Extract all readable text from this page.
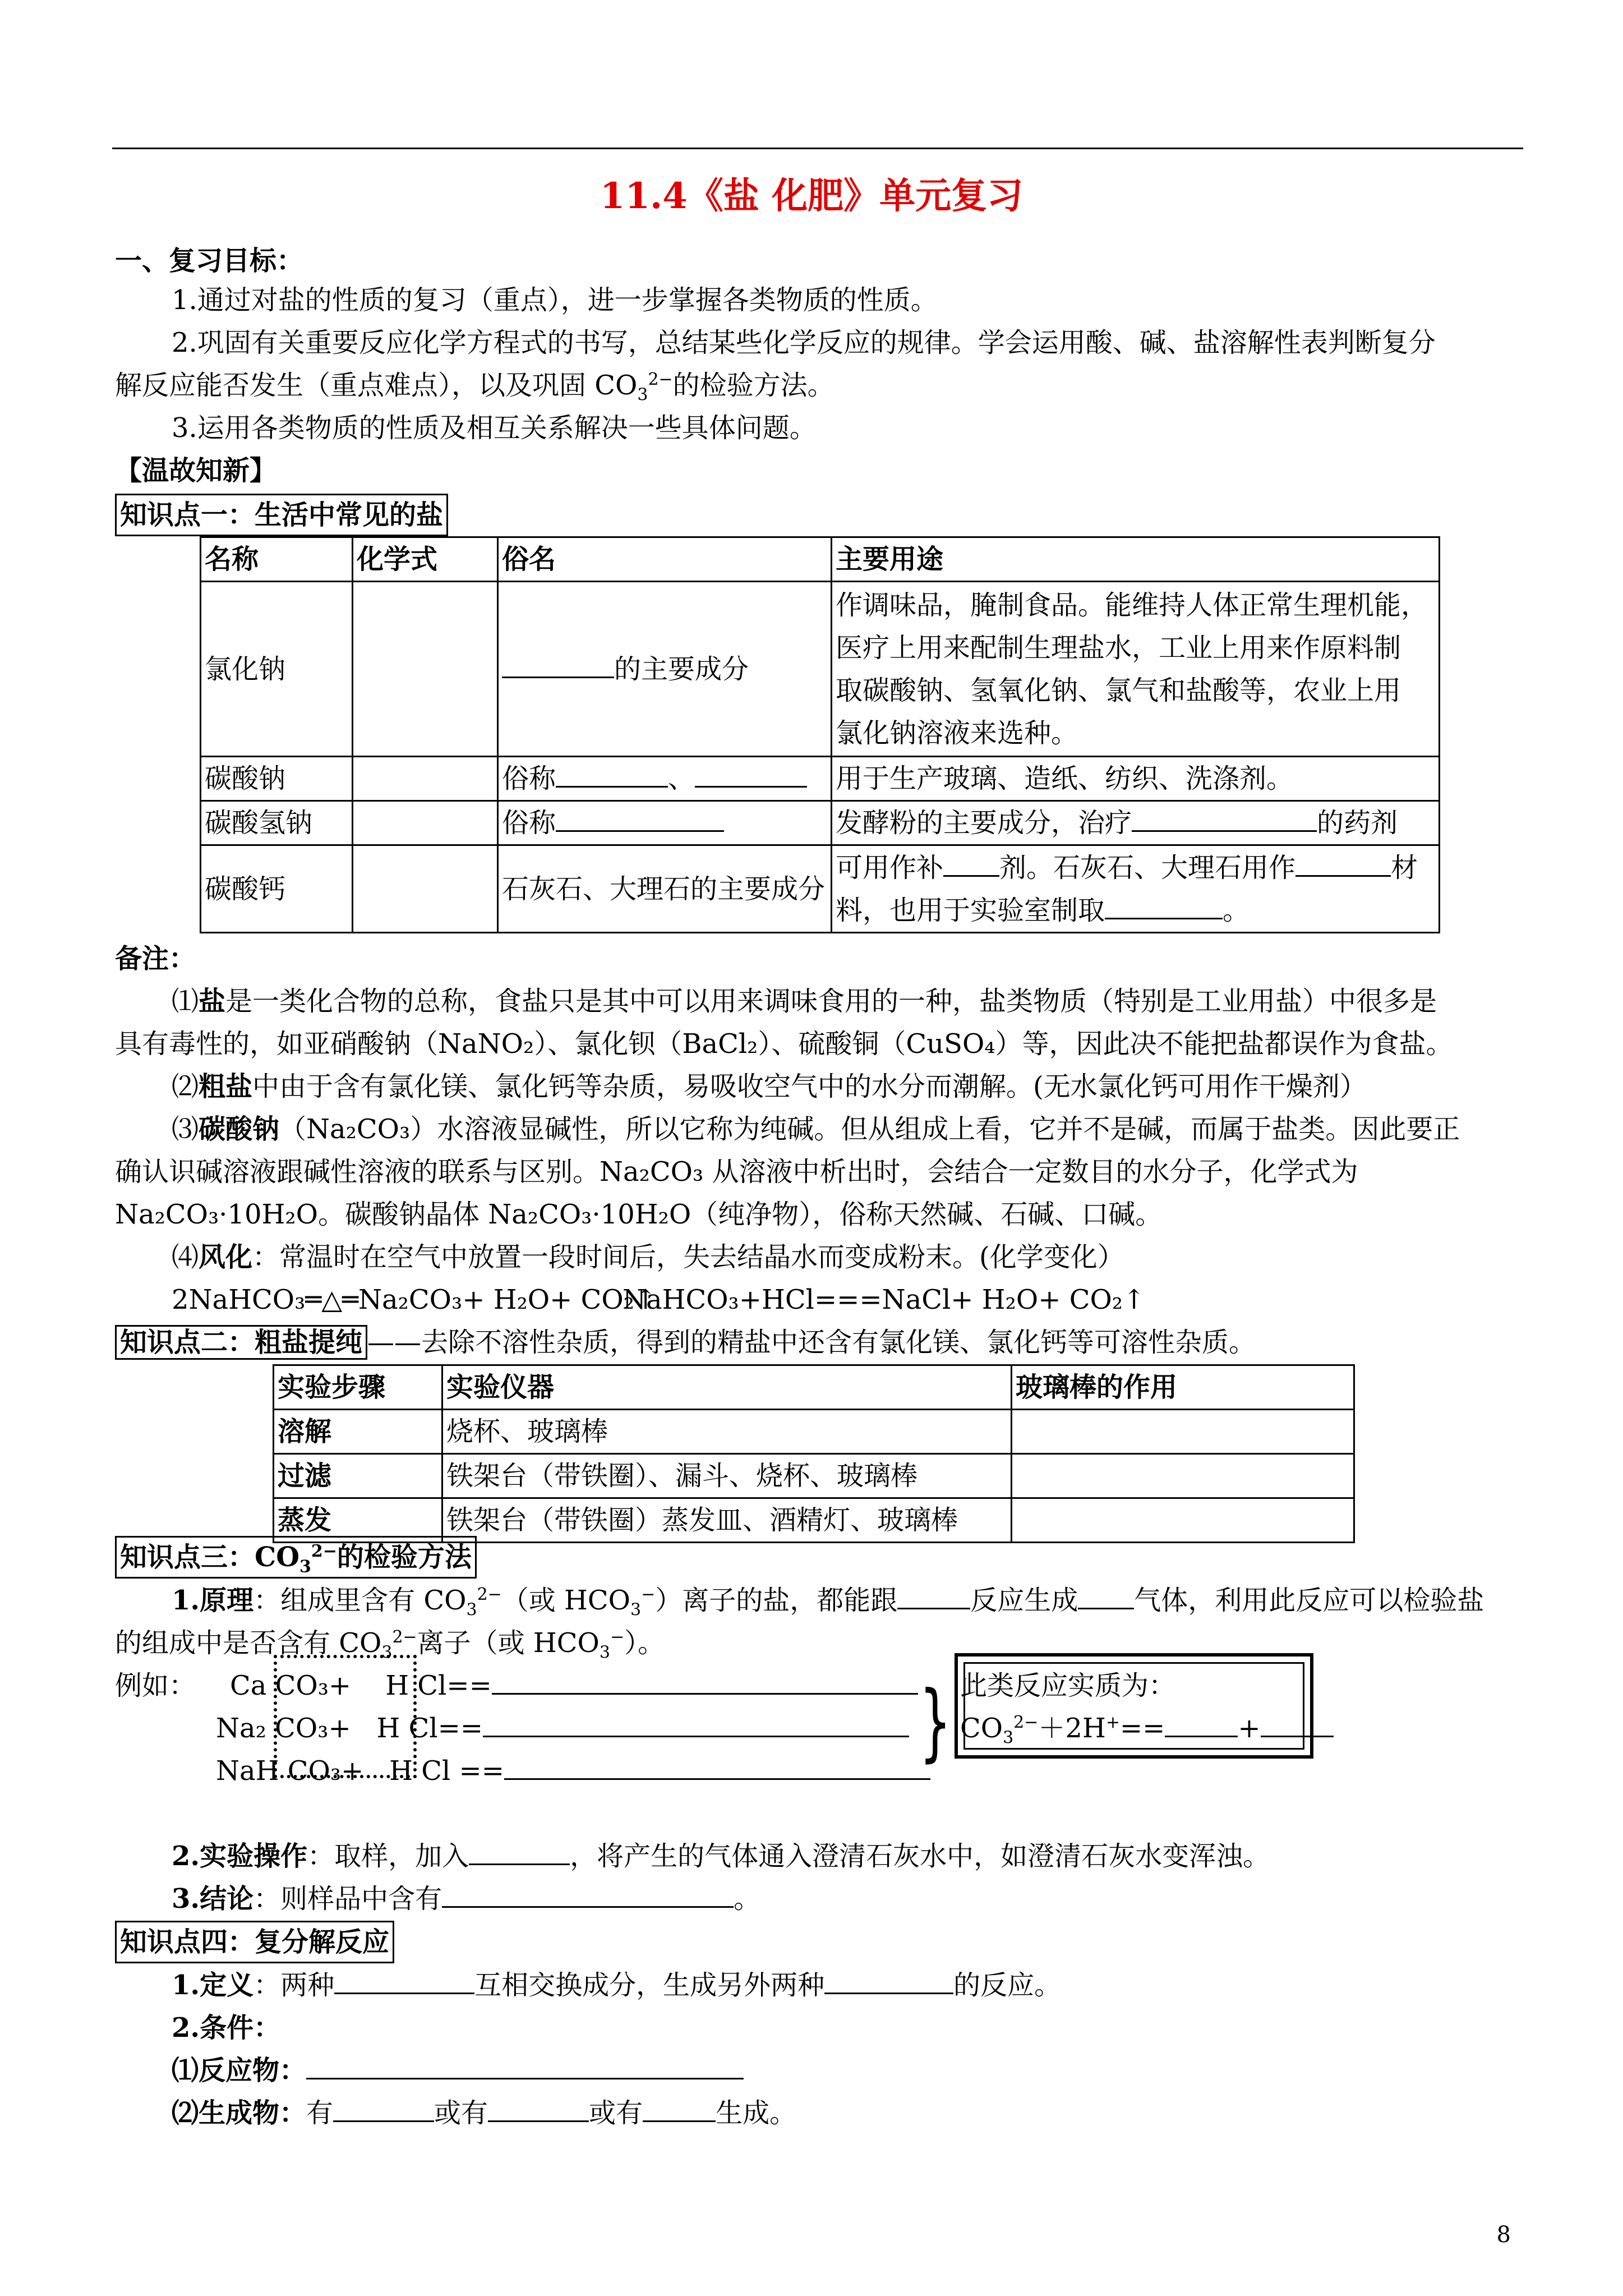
11.4《盐 化肥》单元复习
一、复习目标：
1.通过对盐的性质的复习（重点），进一步掌握各类物质的性质。
2.巩固有关重要反应化学方程式的书写，总结某些化学反应的规律。学会运用酸、碱、盐溶解性表判断复分
解反应能否发生（重点难点），以及巩固 $CO_3^{2-}$的检验方法。
3.运用各类物质的性质及相互关系解决一些具体问题。
【温故知新】
知识点一：生活中常见的盐
名称	化学式	俗名	主要用途
氯化钠		的主要成分	作调味品，腌制食品。能维持人体正常生理机能，
医疗上用来配制生理盐水，工业上用来作原料制
取碳酸钠、氢氧化钠、氯气和盐酸等，农业上用
氯化钠溶液来选种。

碳酸钠		俗称 、	用于生产玻璃、造纸、纺织、洗涤剂。
碳酸氢钠		俗称	发酵粉的主要成分，治疗 的药剂
碳酸钙		石灰石、大理石的主要成分	可用作补 剂。石灰石、大理石用作 材
料，也用于实验室制取 。
备注：
⑴盐是一类化合物的总称，食盐只是其中可以用来调味食用的一种，盐类物质（特别是工业用盐）中很多是
具有毒性的，如亚硝酸钠（NaNO₂）、氯化钡（BaCl₂）、硫酸铜（CuSO₄）等，因此决不能把盐都误作为食盐。
⑵粗盐中由于含有氯化镁、氯化钙等杂质，易吸收空气中的水分而潮解。(无水氯化钙可用作干燥剂）
⑶碳酸钠（Na₂CO₃）水溶液显碱性，所以它称为纯碱。但从组成上看，它并不是碱，而属于盐类。因此要正
确认识碱溶液跟碱性溶液的联系与区别。Na₂CO₃ 从溶液中析出时，会结合一定数目的水分子，化学式为
Na₂CO₃·10H₂O。碳酸钠晶体 Na₂CO₃·10H₂O（纯净物），俗称天然碱、石碱、口碱。
⑷风化：常温时在空气中放置一段时间后，失去结晶水而变成粉末。(化学变化）
2NaHCO₃═△═Na₂CO₃+ H₂O+ CO₂↑
NaHCO₃+HCl===NaCl+ H₂O+ CO₂↑
知识点二：粗盐提纯 ——去除不溶性杂质，得到的精盐中还含有氯化镁、氯化钙等可溶性杂质。
实验步骤	实验仪器	玻璃棒的作用
溶解	烧杯、玻璃棒	
过滤	铁架台（带铁圈）、漏斗、烧杯、玻璃棒	
蒸发	铁架台（带铁圈）蒸发皿、酒精灯、玻璃棒	
知识点三：$CO_3^{2-}$的检验方法
1.原理：组成里含有 $CO_3^{2-}$（或 $HCO_3^-$）离子的盐，都能跟	反应生成 气体，利用此反应可以检验盐
的组成中是否含有 $CO_3^{2-}$离子（或 $HCO_3^-$）。
例如： Ca CO₃+ H Cl==
Na₂ CO₃+ H Cl==
NaH CO₃+ H Cl ==	} 此类反应实质为：
$CO_3^{2-}+2H^+==$	+
2.实验操作：取样，加入	，将产生的气体通入澄清石灰水中，如澄清石灰水变浑浊。
3.结论：则样品中含有	。
知识点四：复分解反应
1.定义：两种	互相交换成分，生成另外两种	的反应。
2.条件：
⑴反应物：
⑵生成物：有	或有	或有	生成。
8
